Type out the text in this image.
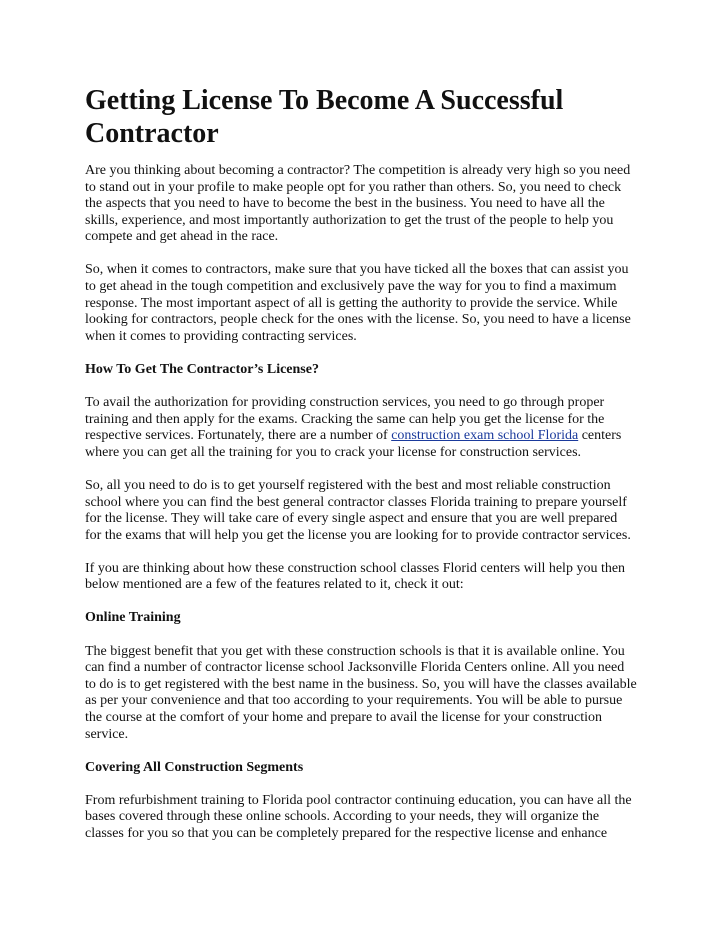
Getting License To Become A Successful Contractor

Are you thinking about becoming a contractor? The competition is already very high so you need to stand out in your profile to make people opt for you rather than others. So, you need to check the aspects that you need to have to become the best in the business. You need to have all the skills, experience, and most importantly authorization to get the trust of the people to help you compete and get ahead in the race.

So, when it comes to contractors, make sure that you have ticked all the boxes that can assist you to get ahead in the tough competition and exclusively pave the way for you to find a maximum response. The most important aspect of all is getting the authority to provide the service. While looking for contractors, people check for the ones with the license. So, you need to have a license when it comes to providing contracting services.

How To Get The Contractor’s License?

To avail the authorization for providing construction services, you need to go through proper training and then apply for the exams. Cracking the same can help you get the license for the respective services. Fortunately, there are a number of construction exam school Florida centers where you can get all the training for you to crack your license for construction services.

So, all you need to do is to get yourself registered with the best and most reliable construction school where you can find the best general contractor classes Florida training to prepare yourself for the license. They will take care of every single aspect and ensure that you are well prepared for the exams that will help you get the license you are looking for to provide contractor services.

If you are thinking about how these construction school classes Florid centers will help you then below mentioned are a few of the features related to it, check it out:

Online Training

The biggest benefit that you get with these construction schools is that it is available online. You can find a number of contractor license school Jacksonville Florida Centers online. All you need to do is to get registered with the best name in the business. So, you will have the classes available as per your convenience and that too according to your requirements. You will be able to pursue the course at the comfort of your home and prepare to avail the license for your construction service.

Covering All Construction Segments

From refurbishment training to Florida pool contractor continuing education, you can have all the bases covered through these online schools. According to your needs, they will organize the classes for you so that you can be completely prepared for the respective license and enhance
